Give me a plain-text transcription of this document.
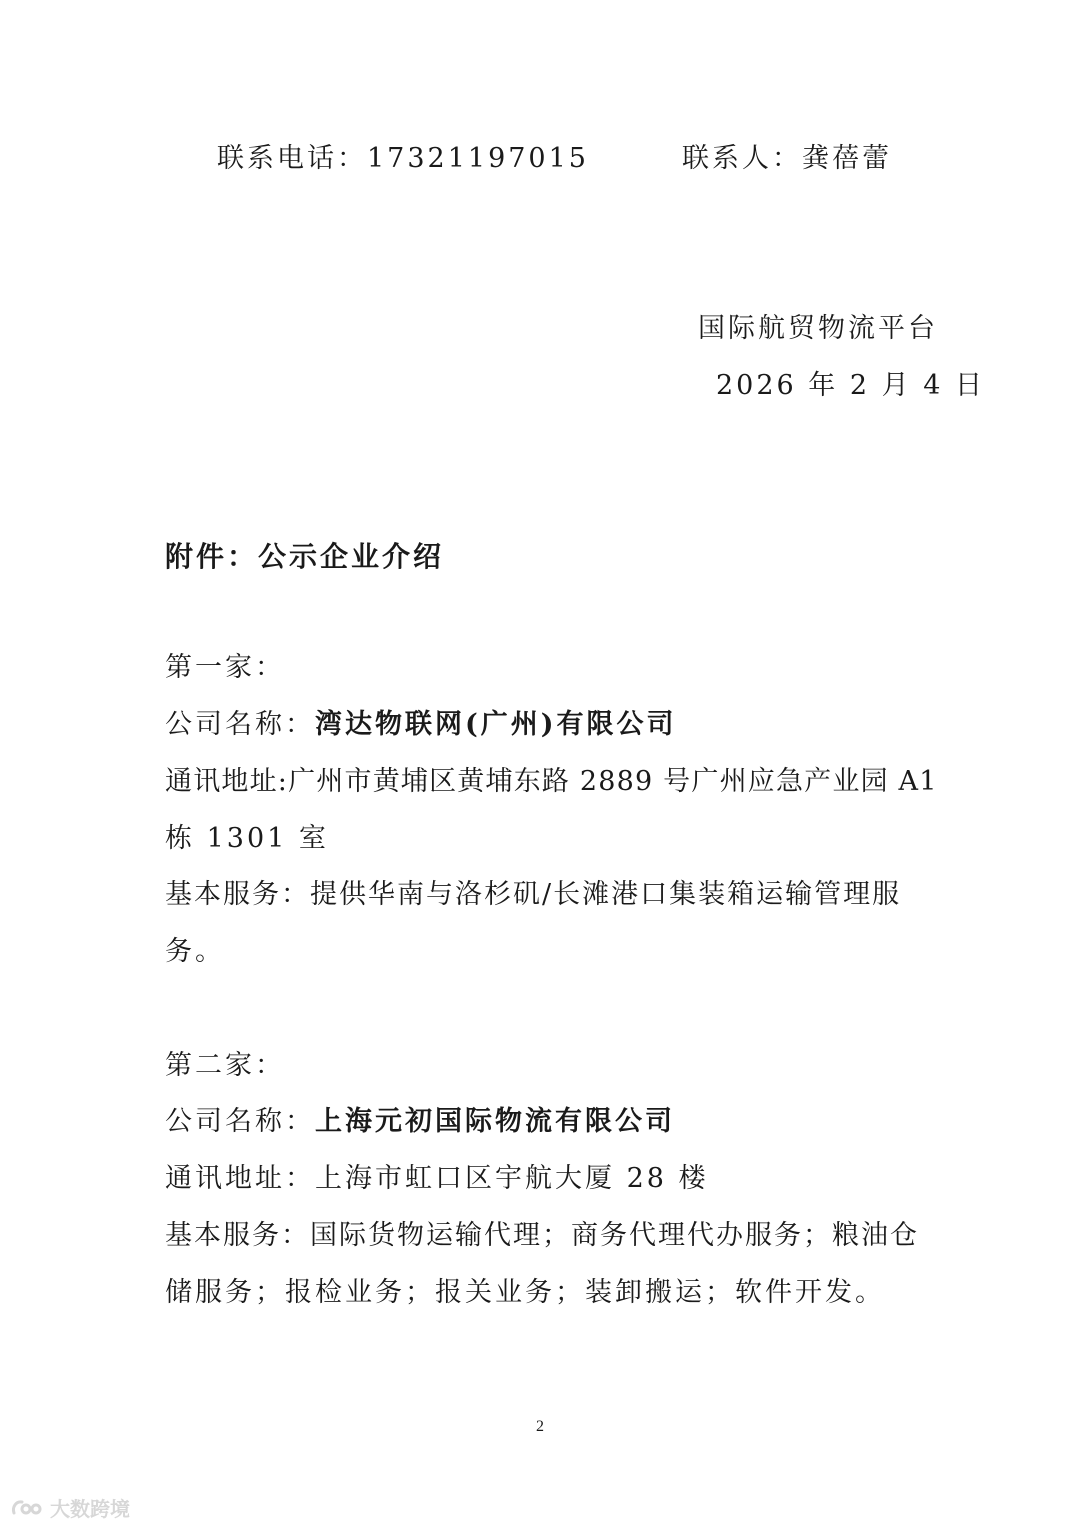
联系电话：17321197015	联系人：龚蓓蕾
国际航贸物流平台
2026 年 2 月 4 日
附件：公示企业介绍
第一家：
公司名称：湾达物联网(广州)有限公司
通讯地址:广州市黄埔区黄埔东路 2889 号广州应急产业园 A1
栋 1301 室
基本服务：提供华南与洛杉矶/长滩港口集装箱运输管理服
务。
第二家：
公司名称：上海元初国际物流有限公司
通讯地址：上海市虹口区宇航大厦 28 楼
基本服务：国际货物运输代理；商务代理代办服务；粮油仓
储服务；报检业务；报关业务；装卸搬运；软件开发。
2
大数跨境
